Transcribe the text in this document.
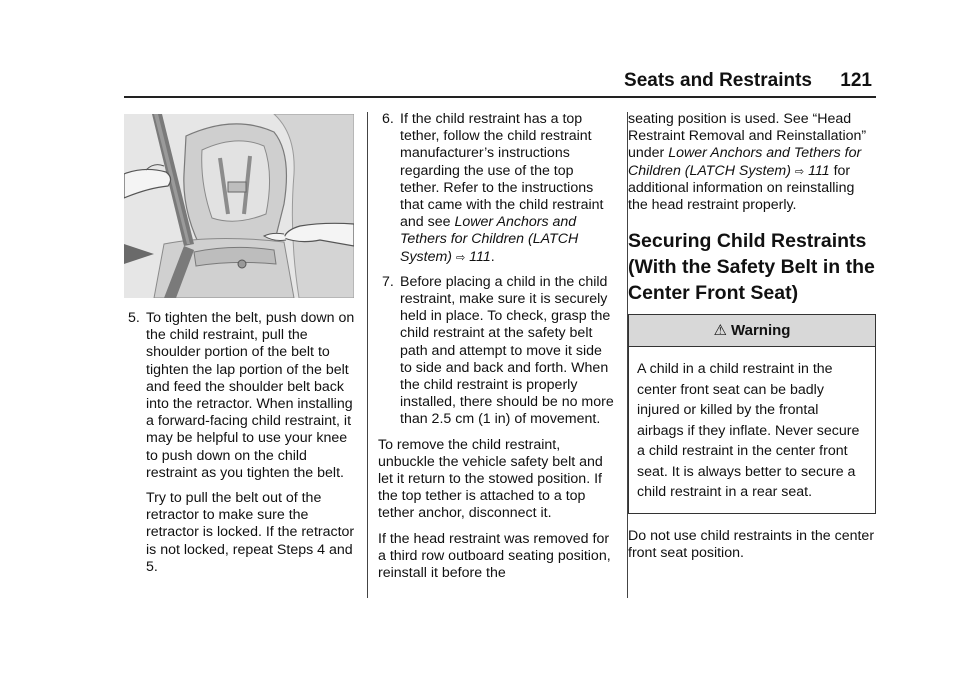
Seats and Restraints 121
5. To tighten the belt, push down on the child restraint, pull the shoulder portion of the belt to tighten the lap portion of the belt and feed the shoulder belt back into the retractor. When installing a forward-facing child restraint, it may be helpful to use your knee to push down on the child restraint as you tighten the belt.

Try to pull the belt out of the retractor to make sure the retractor is locked. If the retractor is not locked, repeat Steps 4 and 5.

6. If the child restraint has a top tether, follow the child restraint manufacturer’s instructions regarding the use of the top tether. Refer to the instructions that came with the child restraint and see Lower Anchors and Tethers for Children (LATCH System) ⇨ 111.
7. Before placing a child in the child restraint, make sure it is securely held in place. To check, grasp the child restraint at the safety belt path and attempt to move it side to side and back and forth. When the child restraint is properly installed, there should be no more than 2.5 cm (1 in) of movement.

To remove the child restraint, unbuckle the vehicle safety belt and let it return to the stowed position. If the top tether is attached to a top tether anchor, disconnect it.

If the head restraint was removed for a third row outboard seating position, reinstall it before the

seating position is used. See “Head Restraint Removal and Reinstallation” under Lower Anchors and Tethers for Children (LATCH System) ⇨ 111 for additional information on reinstalling the head restraint properly.

Securing Child Restraints (With the Safety Belt in the Center Front Seat)
⚠ Warning
A child in a child restraint in the center front seat can be badly injured or killed by the frontal airbags if they inflate. Never secure a child restraint in the center front seat. It is always better to secure a child restraint in a rear seat.

Do not use child restraints in the center front seat position.
